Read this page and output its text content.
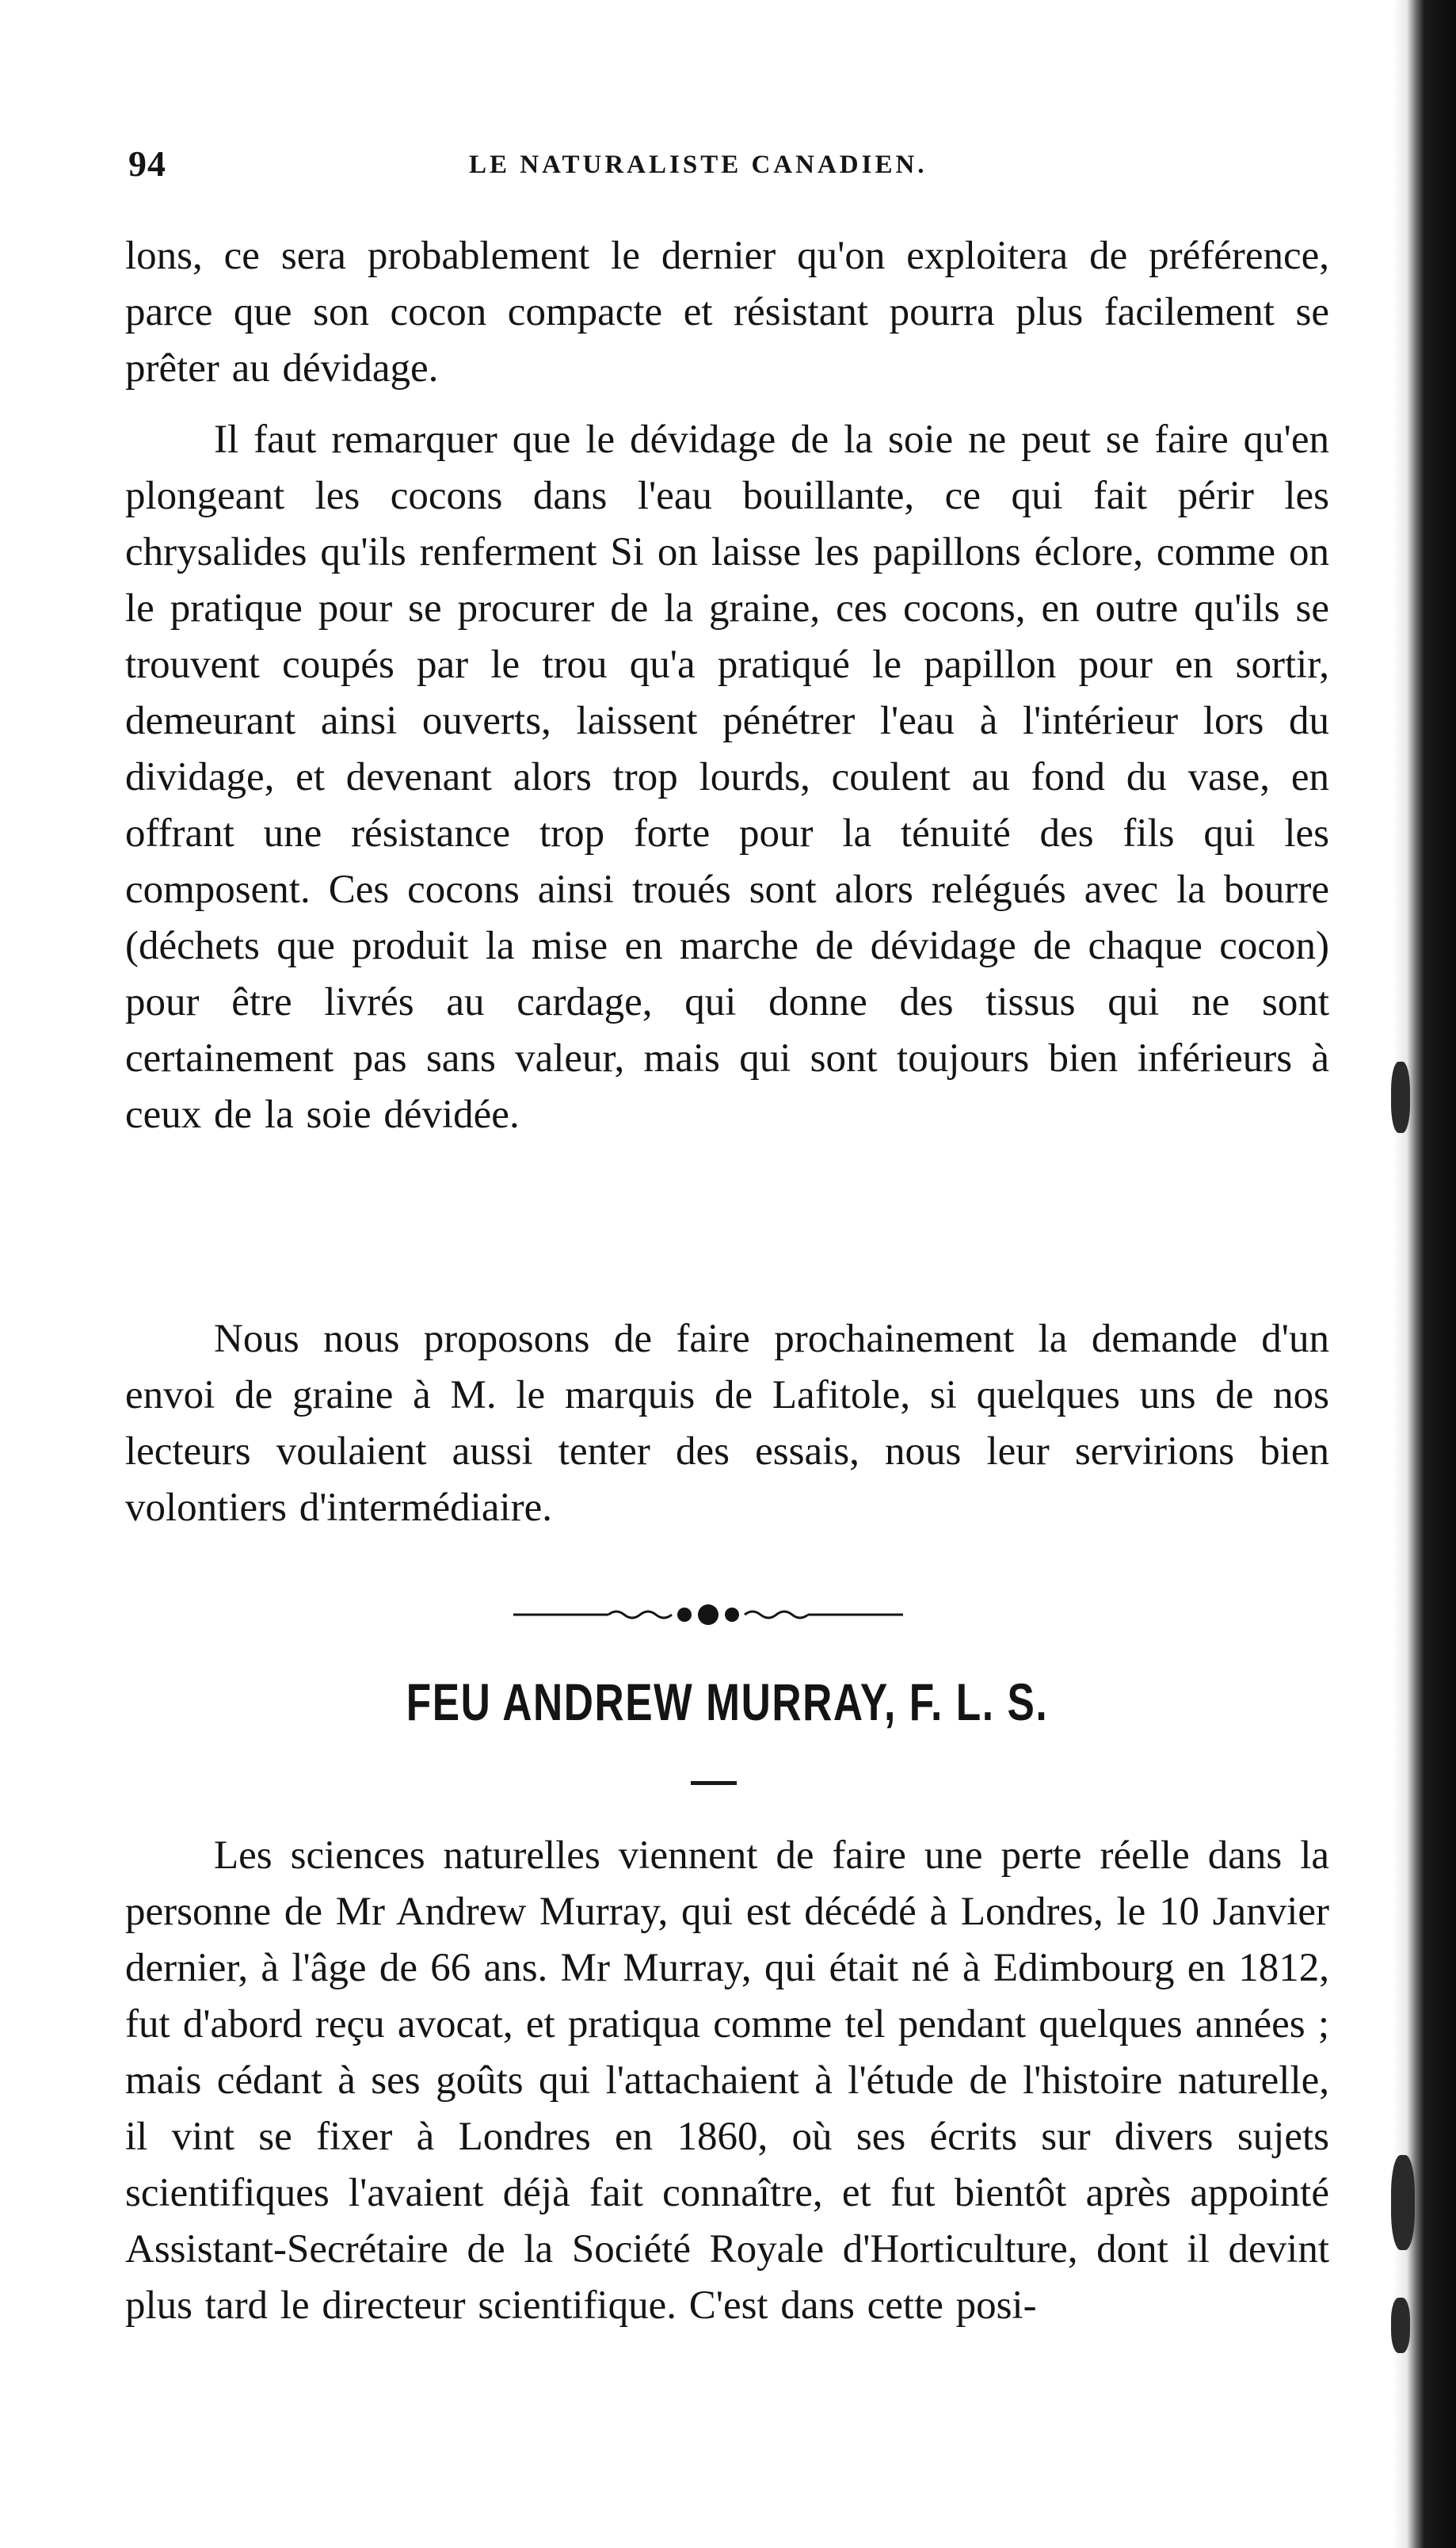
94	LE NATURALISTE CANADIEN.

lons, ce sera probablement le dernier qu'on exploitera de préférence, parce que son cocon compacte et résistant pourra plus facilement se prêter au dévidage.

Il faut remarquer que le dévidage de la soie ne peut se faire qu'en plongeant les cocons dans l'eau bouillante, ce qui fait périr les chrysalides qu'ils renferment Si on laisse les papillons éclore, comme on le pratique pour se procurer de la graine, ces cocons, en outre qu'ils se trouvent coupés par le trou qu'a pratiqué le papillon pour en sortir, demeurant ainsi ouverts, laissent pénétrer l'eau à l'intérieur lors du dividage, et devenant alors trop lourds, coulent au fond du vase, en offrant une résistance trop forte pour la ténuité des fils qui les composent. Ces cocons ainsi troués sont alors relégués avec la bourre (déchets que produit la mise en marche de dévidage de chaque cocon) pour être livrés au cardage, qui donne des tissus qui ne sont certainement pas sans valeur, mais qui sont toujours bien inférieurs à ceux de la soie dévidée.

Nous nous proposons de faire prochainement la demande d'un envoi de graine à M. le marquis de Lafitole, si quelques uns de nos lecteurs voulaient aussi tenter des essais, nous leur servirions bien volontiers d'intermédiaire.

FEU ANDREW MURRAY, F. L. S.

Les sciences naturelles viennent de faire une perte réelle dans la personne de Mr Andrew Murray, qui est décédé à Londres, le 10 Janvier dernier, à l'âge de 66 ans. Mr Murray, qui était né à Edimbourg en 1812, fut d'abord reçu avocat, et pratiqua comme tel pendant quelques années ; mais cédant à ses goûts qui l'attachaient à l'étude de l'histoire naturelle, il vint se fixer à Londres en 1860, où ses écrits sur divers sujets scientifiques l'avaient déjà fait connaître, et fut bientôt après appointé Assistant-Secrétaire de la Société Royale d'Horticulture, dont il devint plus tard le directeur scientifique. C'est dans cette posi-
